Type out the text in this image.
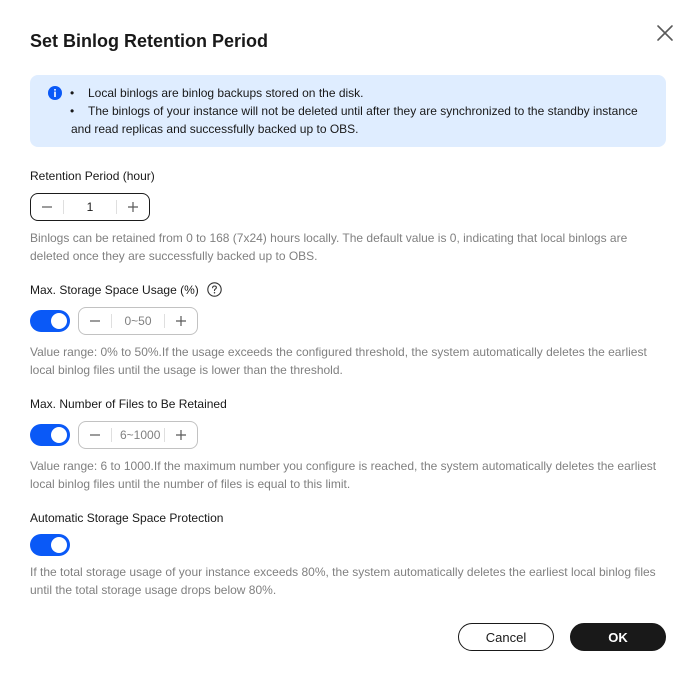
Set Binlog Retention Period
• Local binlogs are binlog backups stored on the disk.
• The binlogs of your instance will not be deleted until after they are synchronized to the standby instance
and read replicas and successfully backed up to OBS.
Retention Period (hour)
1
Binlogs can be retained from 0 to 168 (7x24) hours locally. The default value is 0, indicating that local binlogs are
deleted once they are successfully backed up to OBS.
Max. Storage Space Usage (%)
0~50
Value range: 0% to 50%.If the usage exceeds the configured threshold, the system automatically deletes the earliest
local binlog files until the usage is lower than the threshold.
Max. Number of Files to Be Retained
6~1000
Value range: 6 to 1000.If the maximum number you configure is reached, the system automatically deletes the earliest
local binlog files until the number of files is equal to this limit.
Automatic Storage Space Protection
If the total storage usage of your instance exceeds 80%, the system automatically deletes the earliest local binlog files
until the total storage usage drops below 80%.
Cancel	OK
